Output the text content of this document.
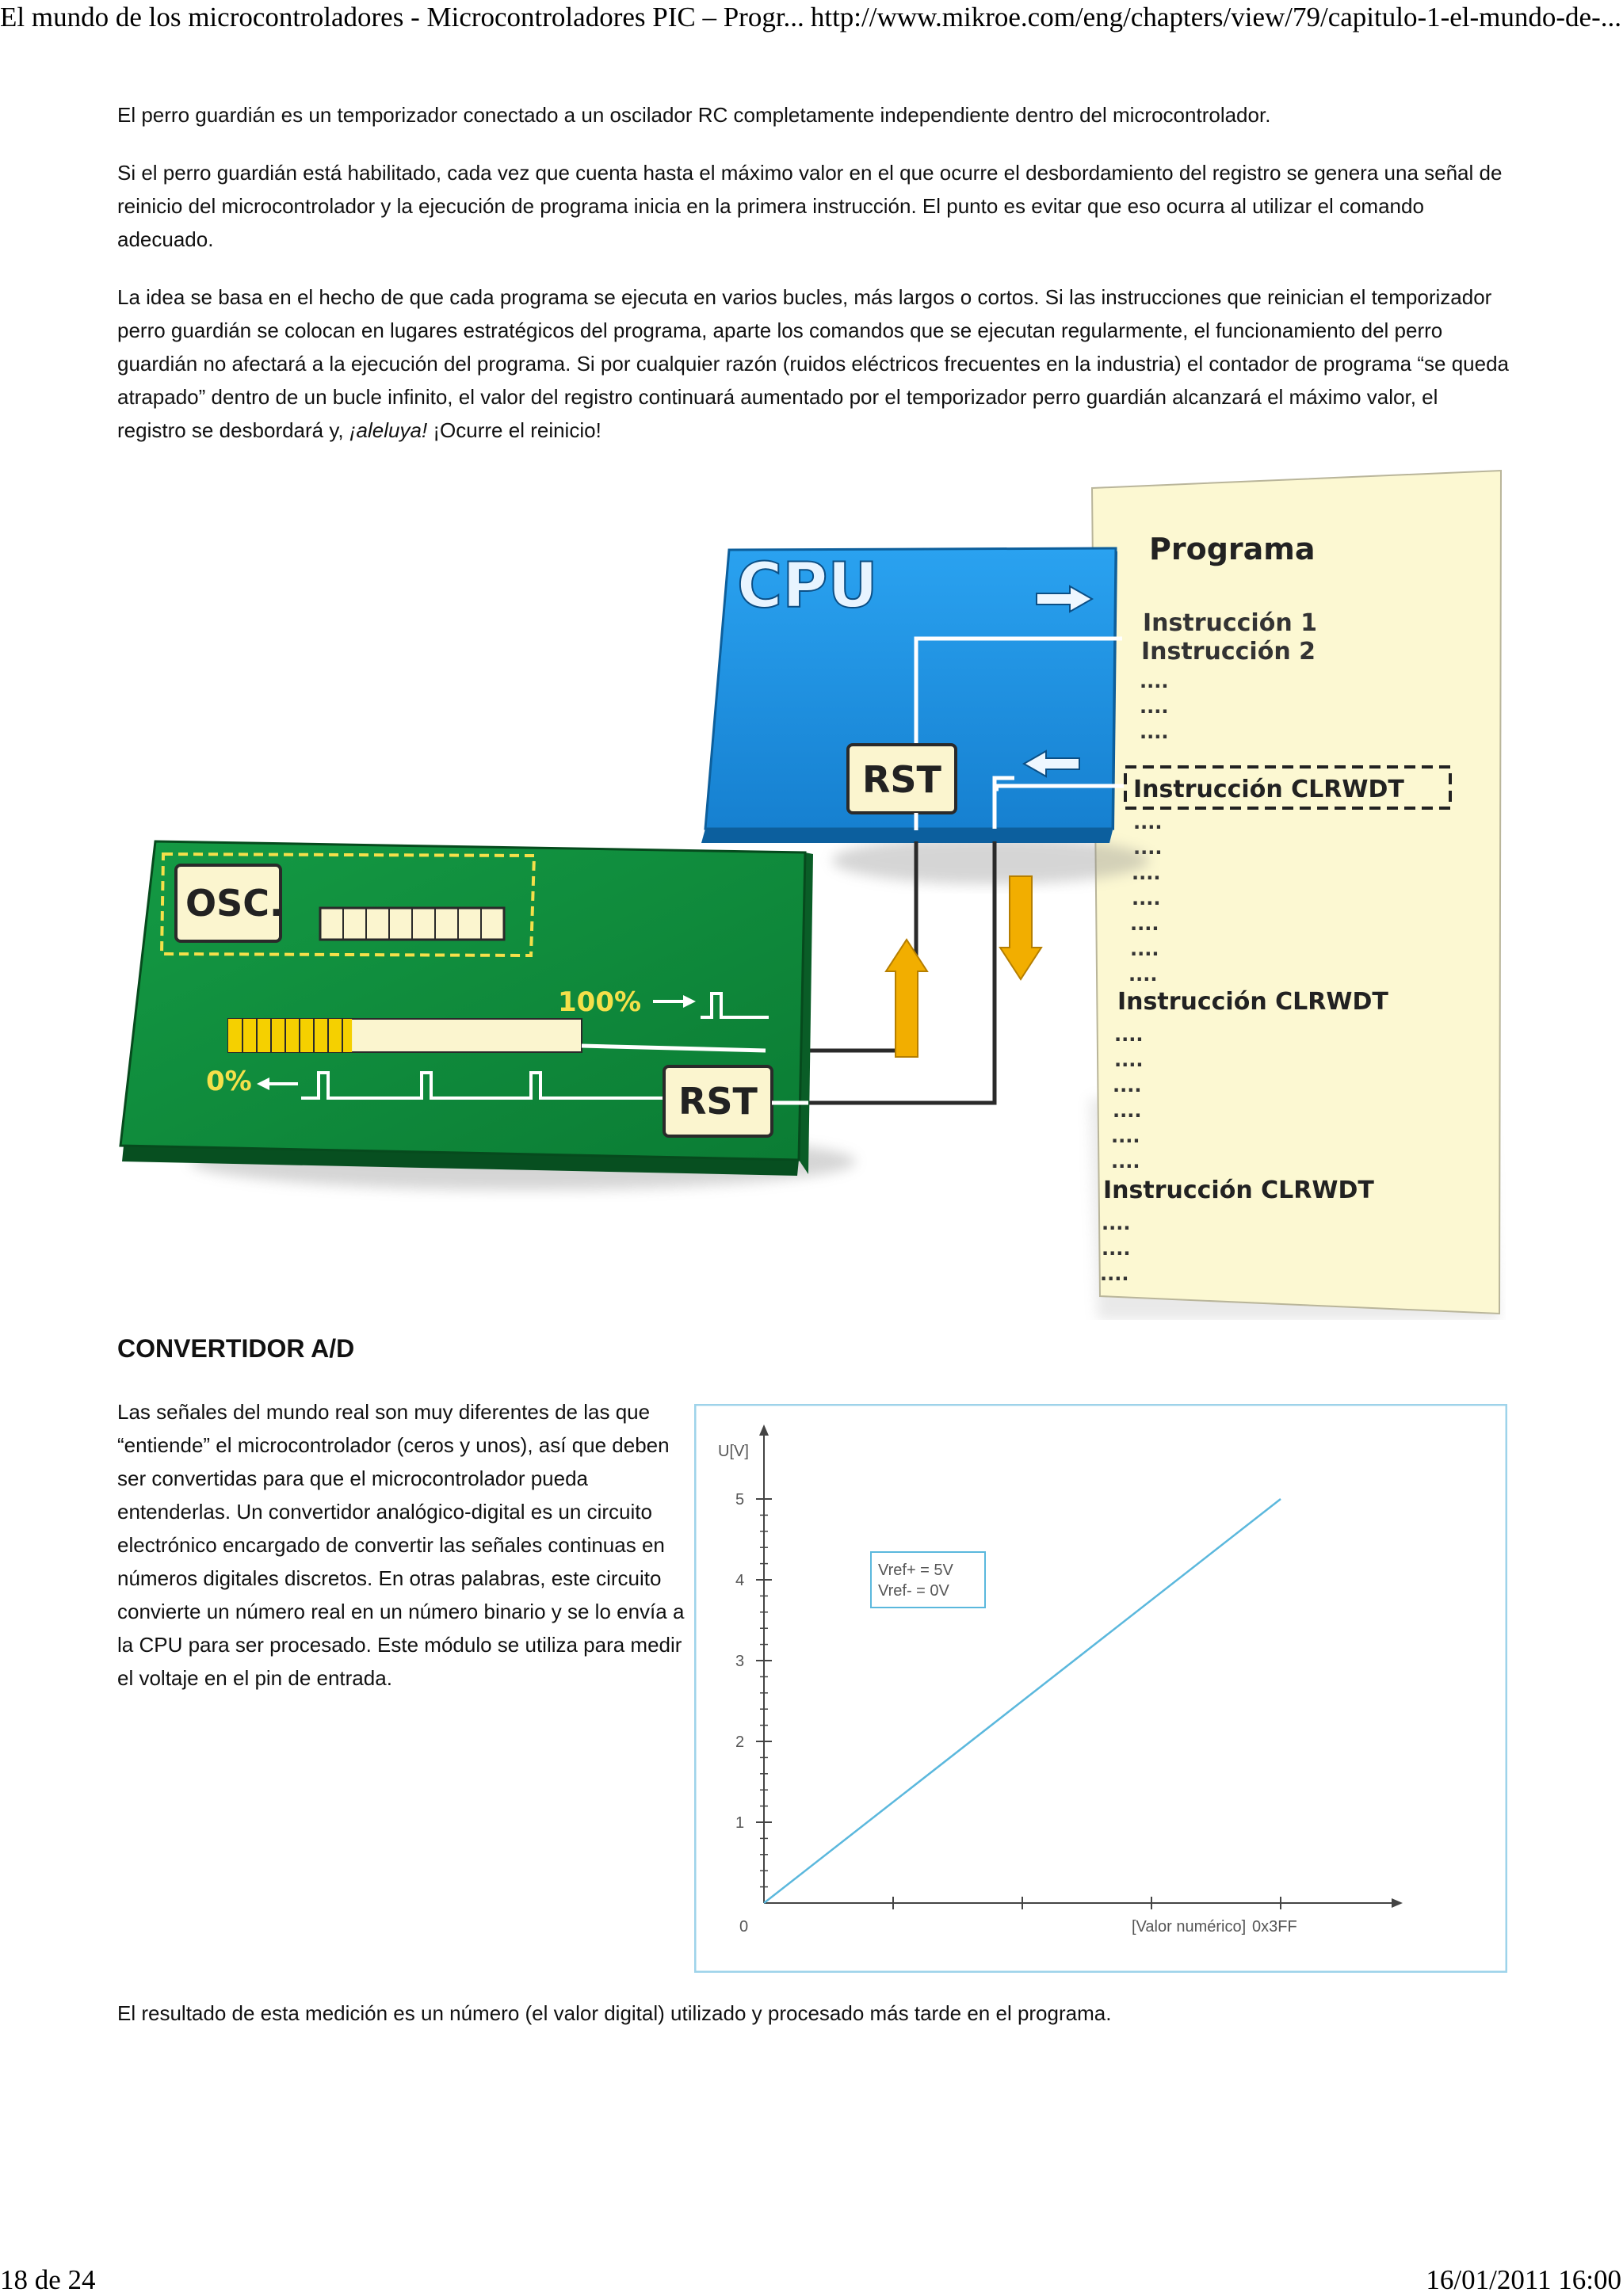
El mundo de los microcontroladores - Microcontroladores PIC – Progr... http://www.mikroe.com/eng/chapters/view/79/capitulo-1-el-mundo-de-...

El perro guardián es un temporizador conectado a un oscilador RC completamente independiente dentro del microcontrolador.

Si el perro guardián está habilitado, cada vez que cuenta hasta el máximo valor en el que ocurre el desbordamiento del registro se genera una señal de reinicio del microcontrolador y la ejecución de programa inicia en la primera instrucción. El punto es evitar que eso ocurra al utilizar el comando adecuado.

La idea se basa en el hecho de que cada programa se ejecuta en varios bucles, más largos o cortos. Si las instrucciones que reinician el temporizador perro guardián se colocan en lugares estratégicos del programa, aparte los comandos que se ejecutan regularmente, el funcionamiento del perro guardián no afectará a la ejecución del programa. Si por cualquier razón (ruidos eléctricos frecuentes en la industria) el contador de programa “se queda atrapado” dentro de un bucle infinito, el valor del registro continuará aumentado por el temporizador perro guardián alcanzará el máximo valor, el registro se desbordará y, ¡aleluya! ¡Ocurre el reinicio!

Programa
Instrucción 1
Instrucción 2
....
....
....
Instrucción CLRWDT
....
....
....
....
....
....
....
Instrucción CLRWDT
....
....
....
....
....
....
Instrucción CLRWDT
....
....
....
CPU
RST
OSC.
100%
0%	RST
CONVERTIDOR A/D

Las señales del mundo real son muy diferentes de las que “entiende” el microcontrolador (ceros y unos), así que deben ser convertidas para que el microcontrolador pueda entenderlas. Un convertidor analógico-digital es un circuito electrónico encargado de convertir las señales continuas en números digitales discretos. En otras palabras, este circuito convierte un número real en un número binario y se lo envía a la CPU para ser procesado. Este módulo se utiliza para medir el voltaje en el pin de entrada.

1
2
3
4
5
0x3FF
U[V]
[Valor numérico]
0
Vref+ = 5V
Vref- = 0V

El resultado de esta medición es un número (el valor digital) utilizado y procesado más tarde en el programa.

18 de 24	16/01/2011 16:00
